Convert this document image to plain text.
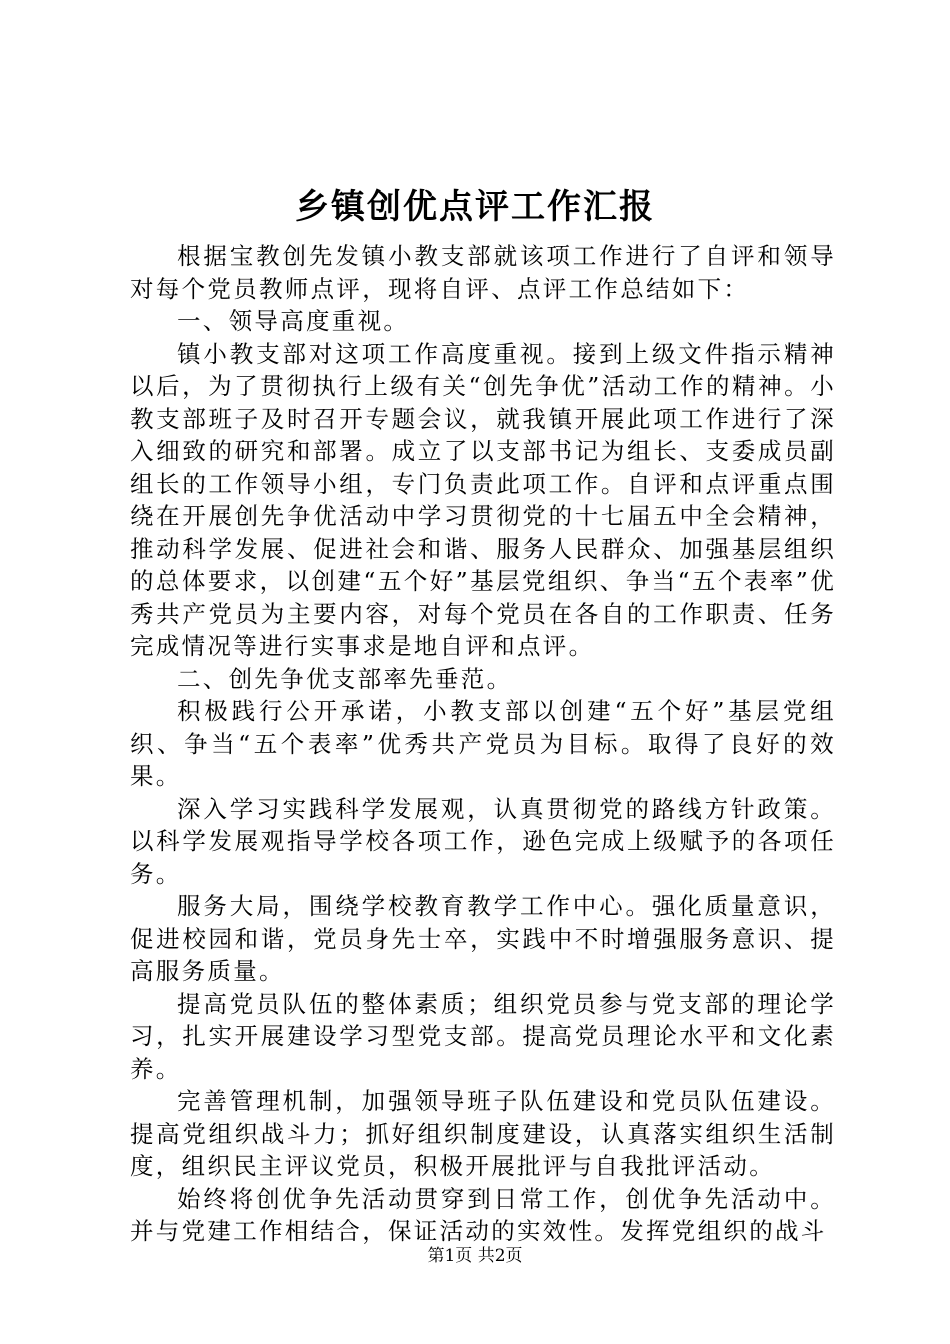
乡镇创优点评工作汇报

根据宝教创先发镇小教支部就该项工作进行了自评和领导对每个党员教师点评，现将自评、点评工作总结如下：

一、领导高度重视。

镇小教支部对这项工作高度重视。接到上级文件指示精神以后，为了贯彻执行上级有关“创先争优”活动工作的精神。小教支部班子及时召开专题会议，就我镇开展此项工作进行了深入细致的研究和部署。成立了以支部书记为组长、支委成员副组长的工作领导小组，专门负责此项工作。自评和点评重点围绕在开展创先争优活动中学习贯彻党的十七届五中全会精神，推动科学发展、促进社会和谐、服务人民群众、加强基层组织的总体要求，以创建“五个好”基层党组织、争当“五个表率”优秀共产党员为主要内容，对每个党员在各自的工作职责、任务完成情况等进行实事求是地自评和点评。

二、创先争优支部率先垂范。

积极践行公开承诺，小教支部以创建“五个好”基层党组织、争当“五个表率”优秀共产党员为目标。取得了良好的效果。

深入学习实践科学发展观，认真贯彻党的路线方针政策。以科学发展观指导学校各项工作，逊色完成上级赋予的各项任务。

服务大局，围绕学校教育教学工作中心。强化质量意识，促进校园和谐，党员身先士卒，实践中不时增强服务意识、提高服务质量。

提高党员队伍的整体素质；组织党员参与党支部的理论学习，扎实开展建设学习型党支部。提高党员理论水平和文化素养。

完善管理机制，加强领导班子队伍建设和党员队伍建设。提高党组织战斗力；抓好组织制度建设，认真落实组织生活制度，组织民主评议党员，积极开展批评与自我批评活动。

始终将创优争先活动贯穿到日常工作，创优争先活动中。并与党建工作相结合，保证活动的实效性。发挥党组织的战斗

第1页 共2页
